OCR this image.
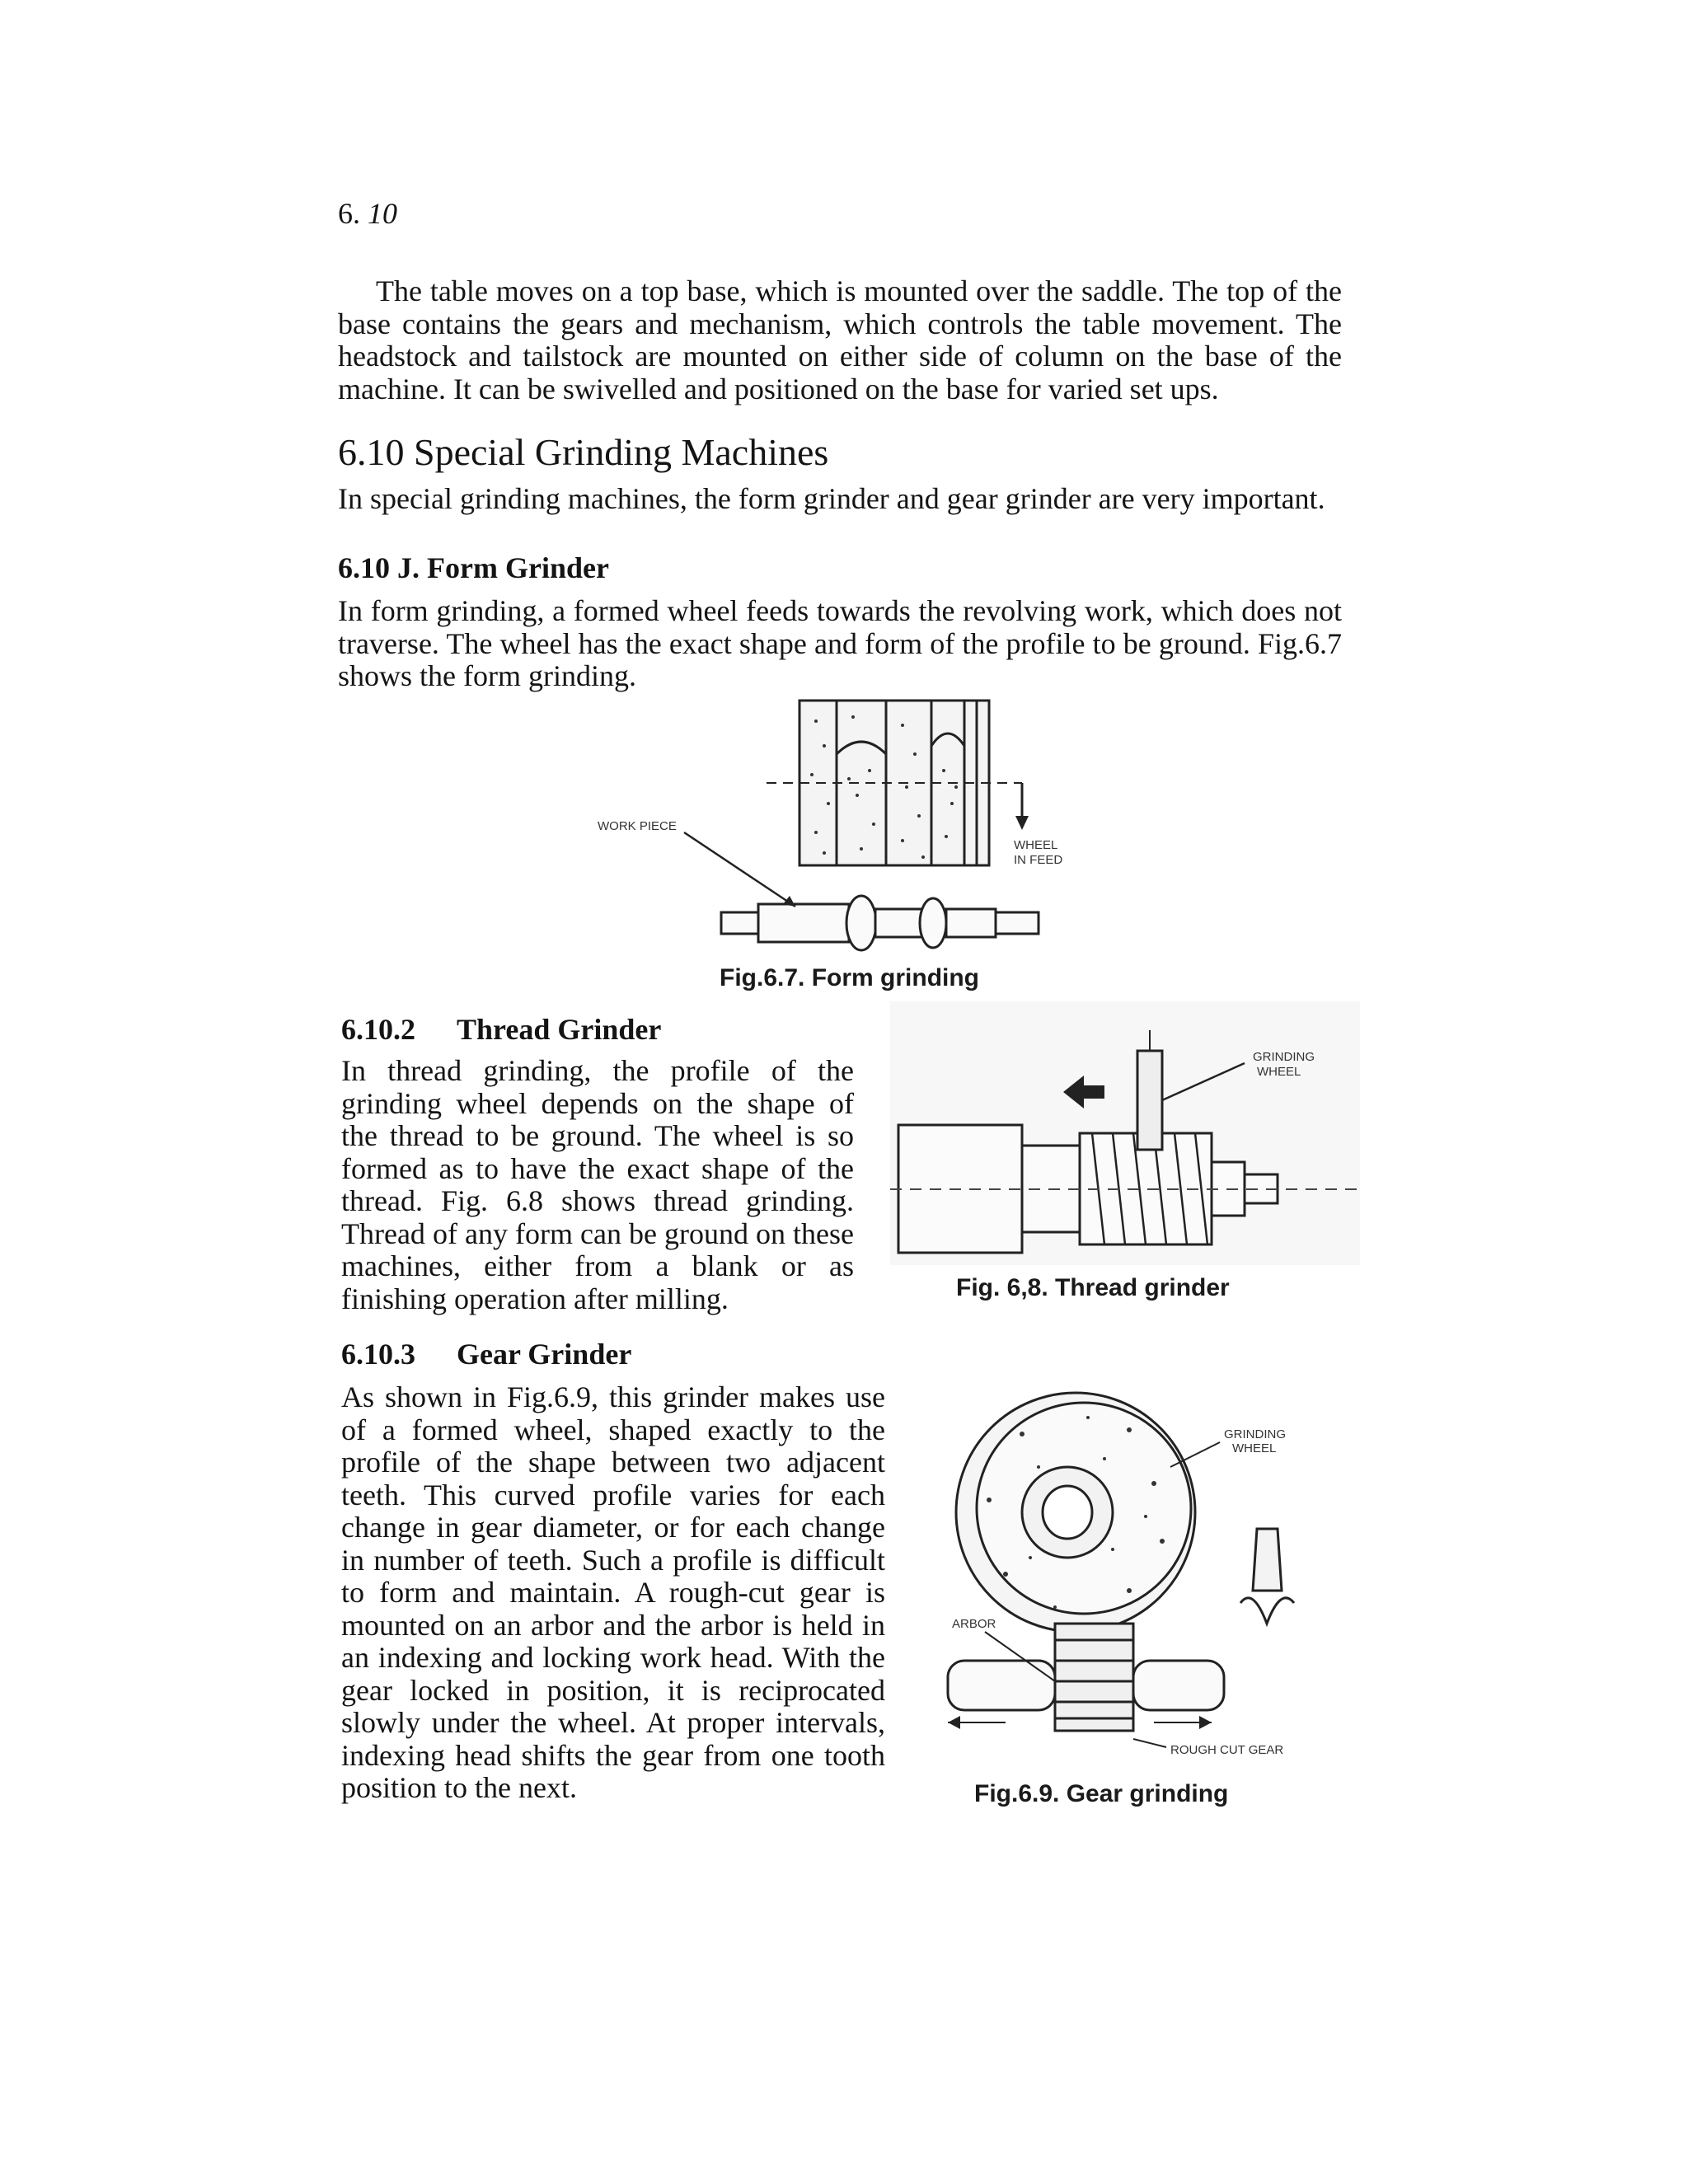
6. 10
The table moves on a top base, which is mounted over the saddle. The top of the base contains the gears and mechanism, which controls the table movement. The headstock and tailstock are mounted on either side of column on the base of the machine. It can be swivelled and positioned on the base for varied set ups.
6.10 Special Grinding Machines
In special grinding machines, the form grinder and gear grinder are very important.
6.10 J. Form Grinder
In form grinding, a formed wheel feeds towards the revolving work, which does not traverse. The wheel has the exact shape and form of the profile to be ground. Fig.6.7 shows the form grinding.
WORK PIECE
WHEEL
IN FEED
Fig.6.7. Form grinding
6.10.2 Thread Grinder
In thread grinding, the profile of the grinding wheel depends on the shape of the thread to be ground. The wheel is so formed as to have the exact shape of the thread. Fig. 6.8 shows thread grinding. Thread of any form can be ground on these machines, either from a blank or as finishing operation after milling.
GRINDING
WHEEL
Fig. 6,8. Thread grinder
6.10.3 Gear Grinder
As shown in Fig.6.9, this grinder makes use of a formed wheel, shaped exactly to the profile of the shape between two adjacent teeth. This curved profile varies for each change in gear diameter, or for each change in number of teeth. Such a profile is difficult to form and maintain. A rough-cut gear is mounted on an arbor and the arbor is held in an indexing and locking work head. With the gear locked in position, it is reciprocated slowly under the wheel. At proper intervals, indexing head shifts the gear from one tooth position to the next.
GRINDING
WHEEL
ARBOR
ROUGH CUT GEAR
Fig.6.9. Gear grinding
